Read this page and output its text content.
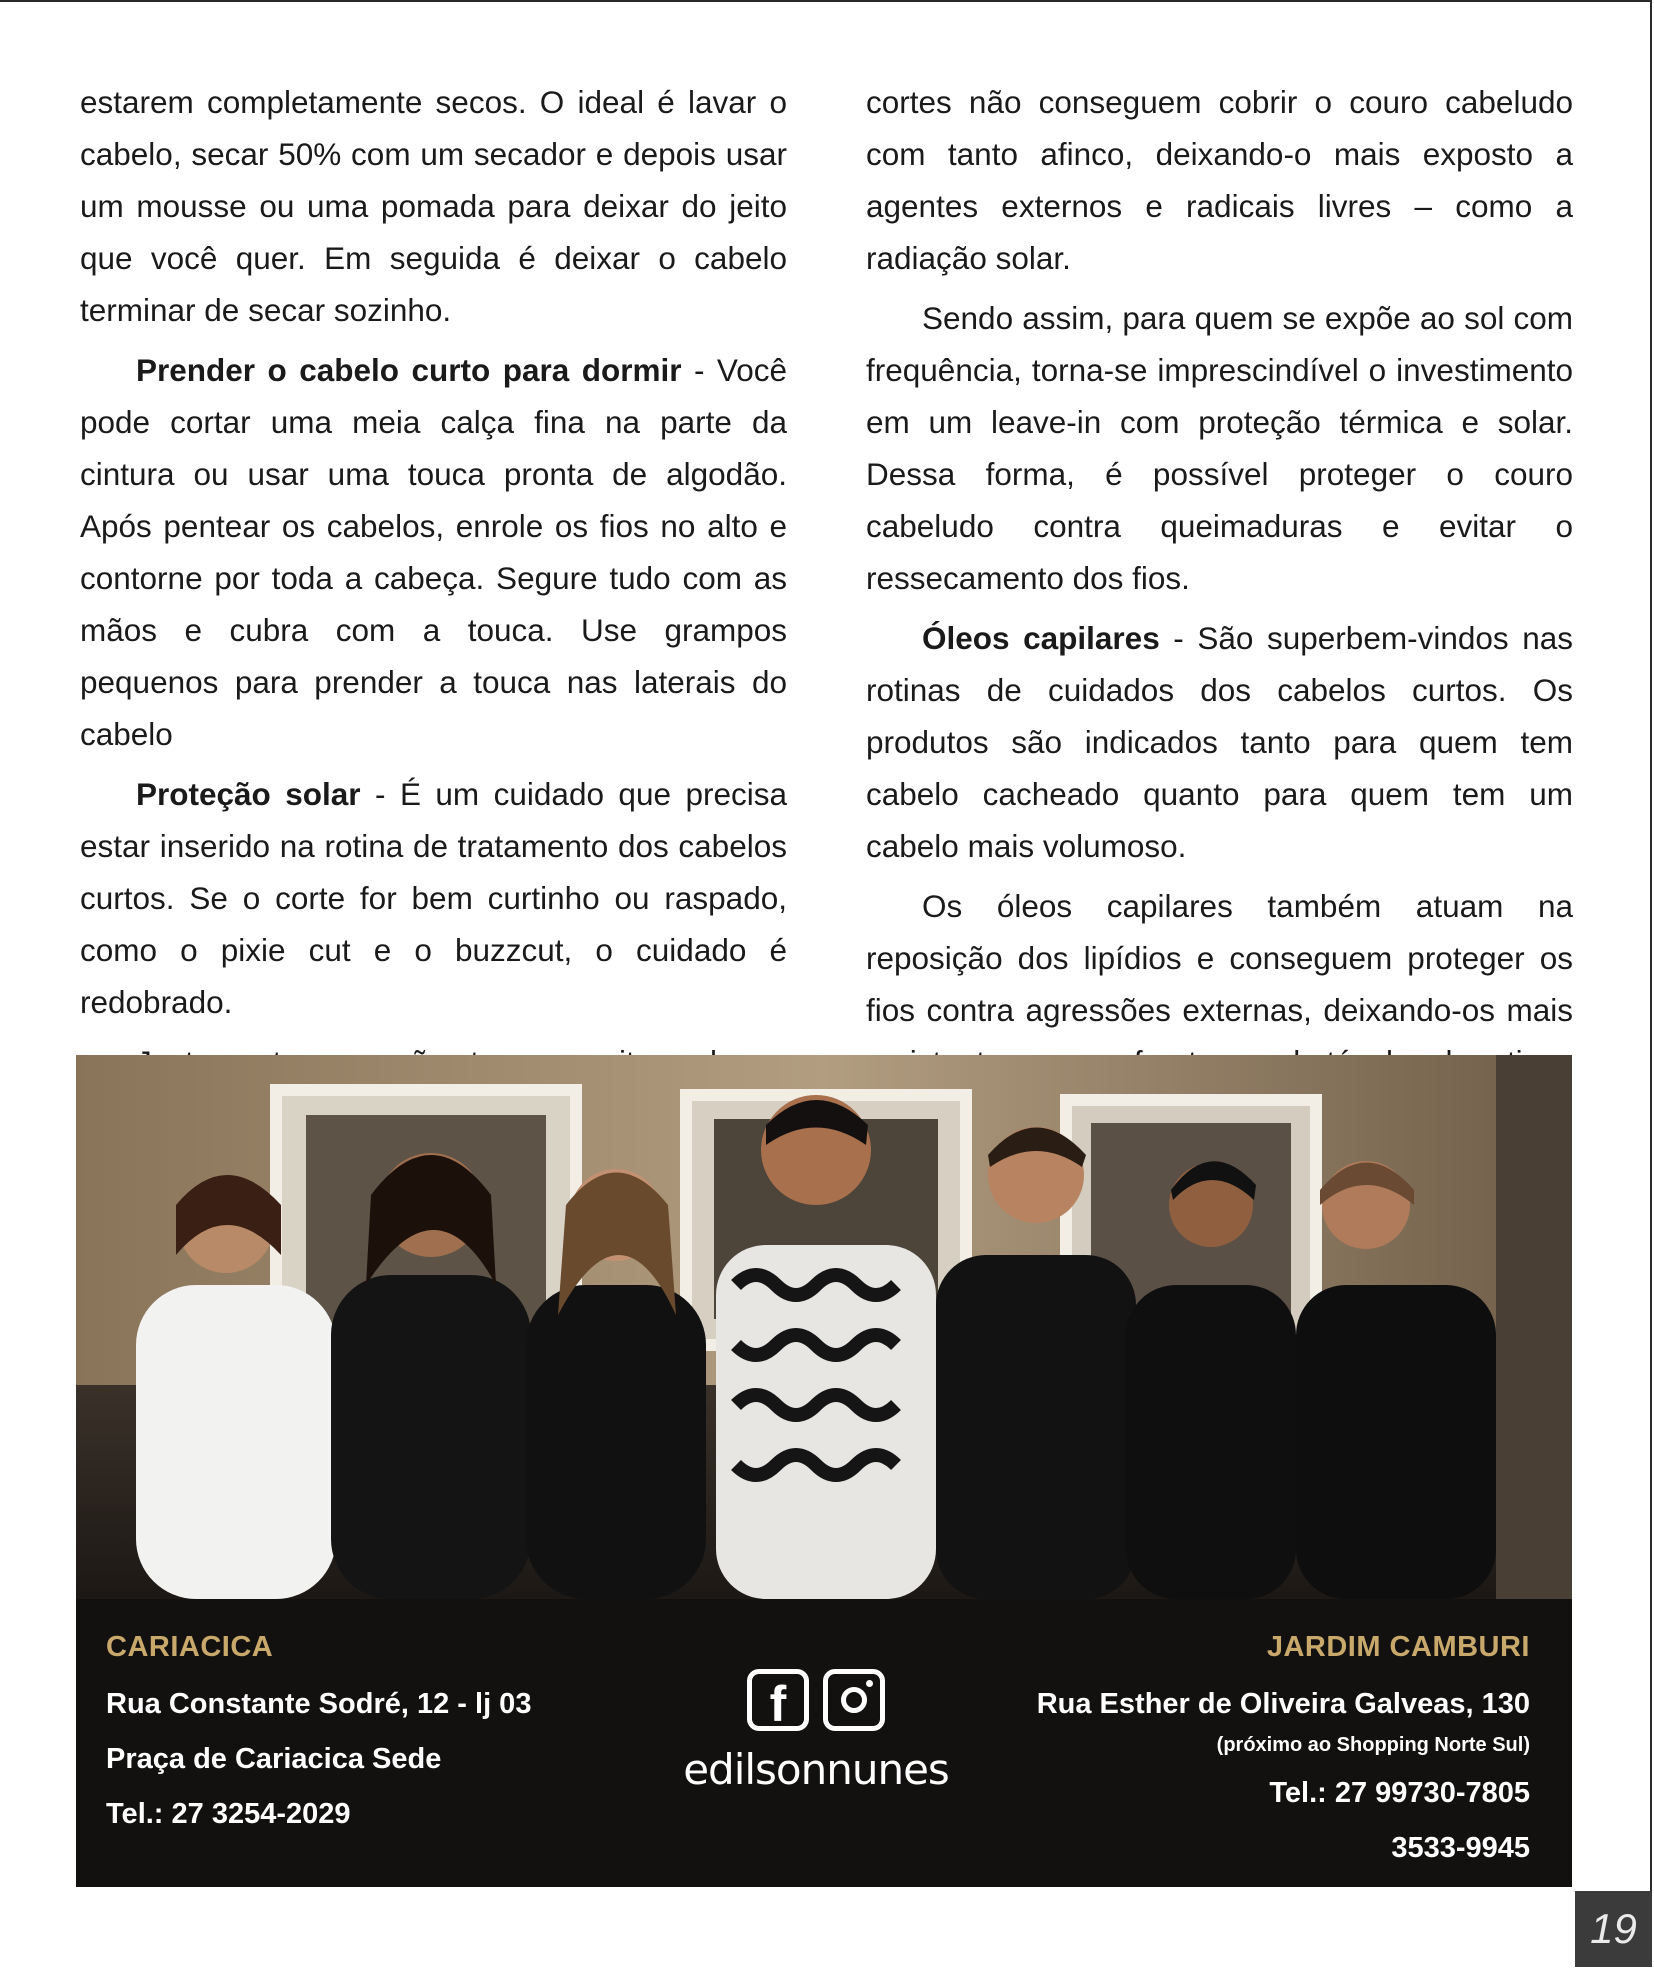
estarem completamente secos. O ideal é lavar o cabelo, secar 50% com um secador e depois usar um mousse ou uma pomada para deixar do jeito que você quer. Em seguida é deixar o cabelo terminar de secar sozinho.

Prender o cabelo curto para dormir - Você pode cortar uma meia calça fina na parte da cintura ou usar uma touca pronta de algodão. Após pentear os cabelos, enrole os fios no alto e contorne por toda a cabeça. Segure tudo com as mãos e cubra com a touca. Use grampos pequenos para prender a touca nas laterais do cabelo

Proteção solar - É um cuidado que precisa estar inserido na rotina de tratamento dos cabelos curtos. Se o corte for bem curtinho ou raspado, como o pixie cut e o buzzcut, o cuidado é redobrado.

cortes não conseguem cobrir o couro cabeludo com tanto afinco, deixando-o mais exposto a agentes externos e radicais livres – como a radiação solar.

Sendo assim, para quem se expõe ao sol com frequência, torna-se imprescindível o investimento em um leave-in com proteção térmica e solar. Dessa forma, é possível proteger o couro cabeludo contra queimaduras e evitar o ressecamento dos fios.

Óleos capilares - São superbem-vindos nas rotinas de cuidados dos cabelos curtos. Os produtos são indicados tanto para quem tem cabelo cacheado quanto para quem tem um cabelo mais volumoso.

Os óleos capilares também atuam na reposição dos lipídios e conseguem proteger os fios contra agressões externas, deixando-os mais

CARIACICA
Rua Constante Sodré, 12 - lj 03
Praça de Cariacica Sede
Tel.: 27 3254-2029
f
edilsonnunes
JARDIM CAMBURI
Rua Esther de Oliveira Galveas, 130
(próximo ao Shopping Norte Sul)
Tel.: 27 99730-7805
3533-9945
19
